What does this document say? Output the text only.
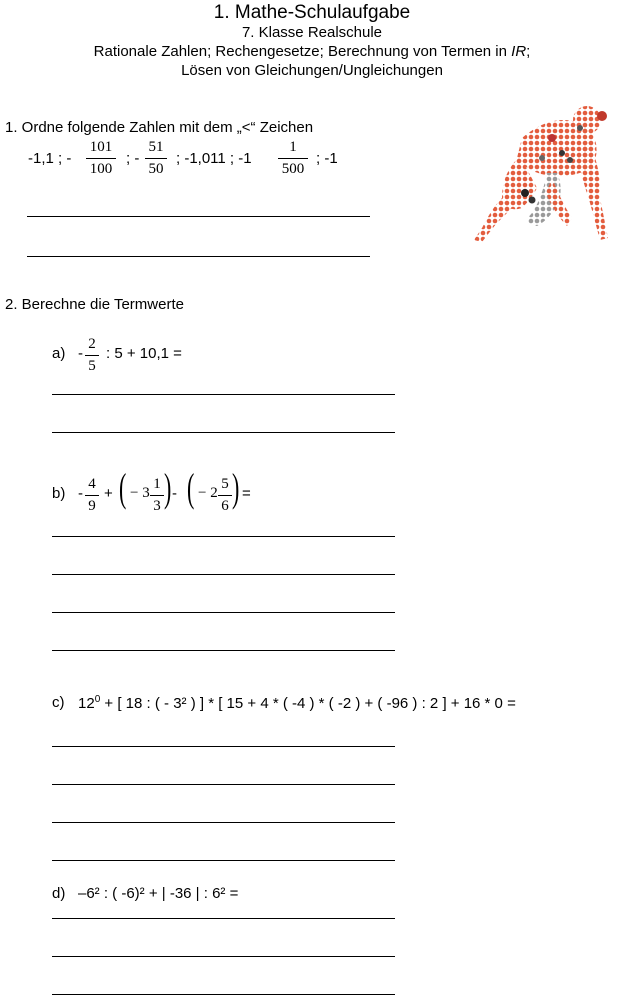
1. Mathe-Schulaufgabe
7. Klasse Realschule
Rationale Zahlen; Rechengesetze; Berechnung von Termen in IR;
Lösen von Gleichungen/Ungleichungen
1. Ordne folgende Zahlen mit dem „<“ Zeichen
-1,1 ; -
101
100
; -
51
50
; -1,011 ; -1
1
500
; -1
2. Berechne die Termwerte
a) -
2
5
: 5 + 10,1 =
b) -
4
9
+ ( − 3
1
3 ) - ( − 2
5
6 ) =
c) $12^0$ + [ 18 : ( - 3² ) ] * [ 15 + 4 * ( -4 ) * ( -2 ) + ( -96 ) : 2 ] + 16 * 0 =
d) –6² : ( -6)² + | -36 | : 6² =
